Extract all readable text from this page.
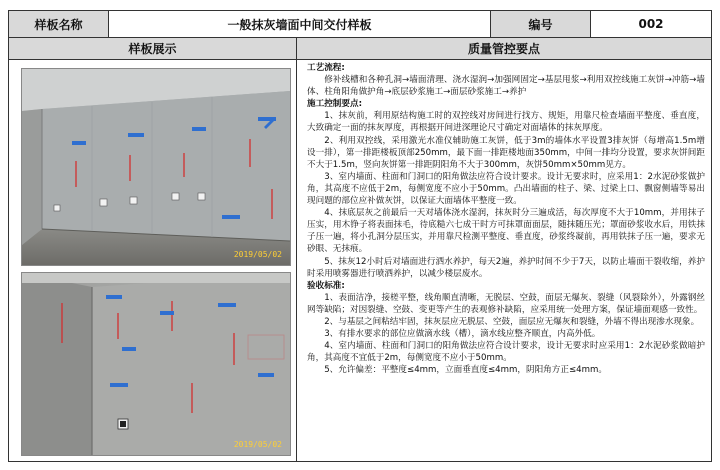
样板名称	一般抹灰墙面中间交付样板	编号	002
样板展示	质量管控要点
2019/05/02
2019/05/02
工艺流程:

修补线槽和各种孔洞→墙面清理、浇水湿润→加强网固定→基层甩浆→利用双控线施工灰饼→冲筋→墙体、柱角阳角做护角→底层砂浆施工→面层砂浆施工→养护

施工控制要点:

1、抹灰前，利用原结构施工时的双控线对房间进行找方、规矩，用靠尺检查墙面平整度、垂直度，大致确定一面的抹灰厚度，再根据开间进深理论尺寸确定对面墙体的抹灰厚度。

2、利用双控线，采用激光水准仪辅助施工灰饼，低于3m的墙体水平设置3排灰饼（每增高1.5m增设一排），第一排距楼板顶部250mm，最下面一排距楼地面350mm，中间一排均分设置，要求灰饼间距不大于1.5m，竖向灰饼第一排距阴阳角不大于300mm，灰饼50mm×50mm见方。

3、室内墙面、柱面和门洞口的阳角做法应符合设计要求。设计无要求时，应采用1：2水泥砂浆做护角，其高度不应低于2m，每侧宽度不应小于50mm。凸出墙面的柱子、梁、过梁上口、飘窗侧墙等易出现问题的部位应补做灰饼，以保证大面墙体平整度一致。

4、抹底层灰之前最后一天对墙体浇水湿润，抹灰时分三遍成活，每次厚度不大于10mm，并用抹子压实，用木铮子将表面抹毛，待底糙六七成干时方可抹罩面面层，随抹随压光；罩面砂浆收水后，用铁抹子压一遍，将小孔洞分层压实，并用靠尺检测平整度、垂直度，砂浆终凝前，再用铁抹子压一遍，要求无砂眼、无抹痕。

5、抹灰12小时后对墙面进行洒水养护，每天2遍，养护时间不少于7天，以防止墙面干裂收缩，养护时采用喷雾器进行喷洒养护，以减少楼层废水。

验收标准:

1、表面洁净，接槎平整，线角顺直清晰，无脱层、空鼓，面层无爆灰、裂缝（风裂除外），外露钢丝网等缺陷；对因裂缝、空鼓、变更等产生的表观修补缺陷，应采用统一处理方案，保证墙面观感一致性。

2、与基层之间粘结牢固，抹灰层应无脱层、空鼓，面层应无爆灰和裂缝，外墙不得出现渗水现象。

3、有排水要求的部位应做滴水线（槽），滴水线应整齐顺直，内高外低。

4、室内墙面、柱面和门洞口的阳角做法应符合设计要求，设计无要求时应采用1：2水泥砂浆做暗护角，其高度不宜低于2m，每侧宽度不应小于50mm。

5、允许偏差：平整度≤4mm，立面垂直度≤4mm，阴阳角方正≤4mm。
